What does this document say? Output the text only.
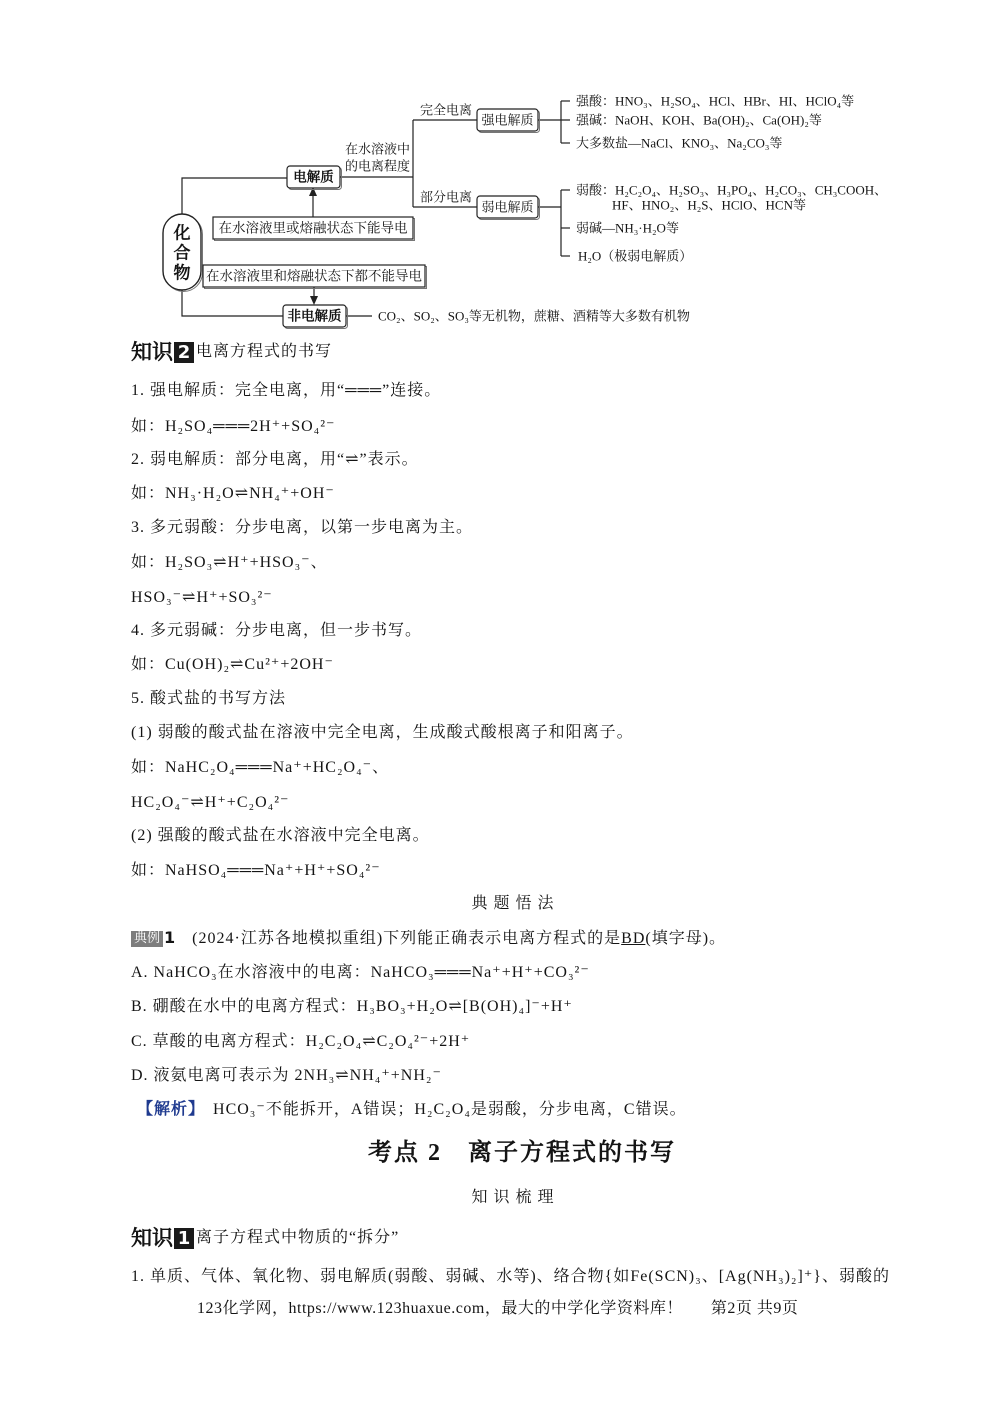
化
合
物
电解质
在水溶液中
的电离程度
完全电离
部分电离
强电解质
弱电解质
强酸：HNO₃、H₂SO₄、HCl、HBr、HI、HClO₄等
强碱：NaOH、KOH、Ba(OH)₂、Ca(OH)₂等
大多数盐—NaCl、KNO₃、Na₂CO₃等
弱酸：H₂C₂O₄、H₂SO₃、H₃PO₄、H₂CO₃、CH₃COOH、
HF、HNO₂、H₂S、HClO、HCN等
弱碱—NH₃·H₂O等
H₂O（极弱电解质）
在水溶液里或熔融状态下能导电
在水溶液里和熔融状态下都不能导电
非电解质	CO₂、SO₂、SO₃等无机物，蔗糖、酒精等大多数有机物
知识 2 电离方程式的书写
1. 强电解质：完全电离，用“═══”连接。
如：H₂SO₄═══2H⁺+SO₄²⁻
2. 弱电解质：部分电离，用“⇌”表示。
如：NH₃·H₂O⇌NH₄⁺+OH⁻
3. 多元弱酸：分步电离，以第一步电离为主。
如：H₂SO₃⇌H⁺+HSO₃⁻、
HSO₃⁻⇌H⁺+SO₃²⁻
4. 多元弱碱：分步电离，但一步书写。
如：Cu(OH)₂⇌Cu²⁺+2OH⁻
5. 酸式盐的书写方法
(1) 弱酸的酸式盐在溶液中完全电离，生成酸式酸根离子和阳离子。
如：NaHC₂O₄═══Na⁺+HC₂O₄⁻、
HC₂O₄⁻⇌H⁺+C₂O₄²⁻
(2) 强酸的酸式盐在水溶液中完全电离。
如：NaHSO₄═══Na⁺+H⁺+SO₄²⁻
典 题 悟 法
典例 1 (2024·江苏各地模拟重组)下列能正确表示电离方程式的是BD(填字母)。
A. NaHCO₃在水溶液中的电离：NaHCO₃═══Na⁺+H⁺+CO₃²⁻
B. 硼酸在水中的电离方程式：H₃BO₃+H₂O⇌[B(OH)₄]⁻+H⁺
C. 草酸的电离方程式：H₂C₂O₄⇌C₂O₄²⁻+2H⁺
D. 液氨电离可表示为 2NH₃⇌NH₄⁺+NH₂⁻
【解析】 HCO₃⁻不能拆开，A错误；H₂C₂O₄是弱酸，分步电离，C错误。
考点 2　离子方程式的书写
知 识 梳 理
知识 1 离子方程式中物质的“拆分”
1. 单质、气体、氧化物、弱电解质(弱酸、弱碱、水等)、络合物{如Fe(SCN)₃、[Ag(NH₃)₂]⁺}、弱酸的
123化学网，https://www.123huaxue.com，最大的中学化学资料库！ 第2页 共9页
